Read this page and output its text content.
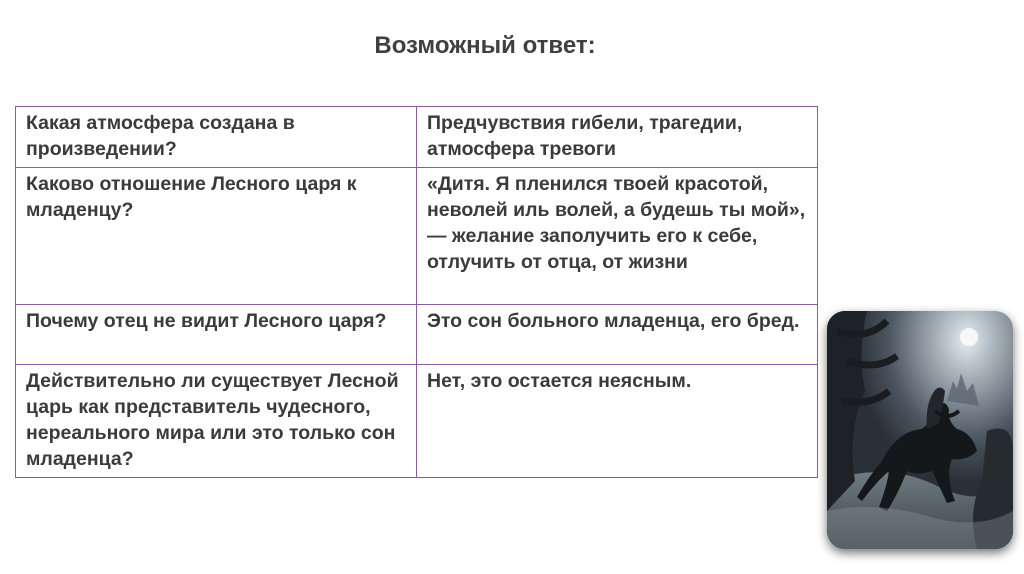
Возможный ответ:
Какая атмосфера создана в произведении?	Предчувствия гибели, трагедии, атмосфера тревоги
Каково отношение Лесного царя к младенцу?	«Дитя. Я пленился твоей красотой, неволей иль волей, а будешь ты мой», — желание заполучить его к себе, отлучить от отца, от жизни
Почему отец не видит Лесного царя?	Это сон больного младенца, его бред.
Действительно ли существует Лесной царь как представитель чудесного, нереального мира или это только сон младенца?	Нет, это остается неясным.
